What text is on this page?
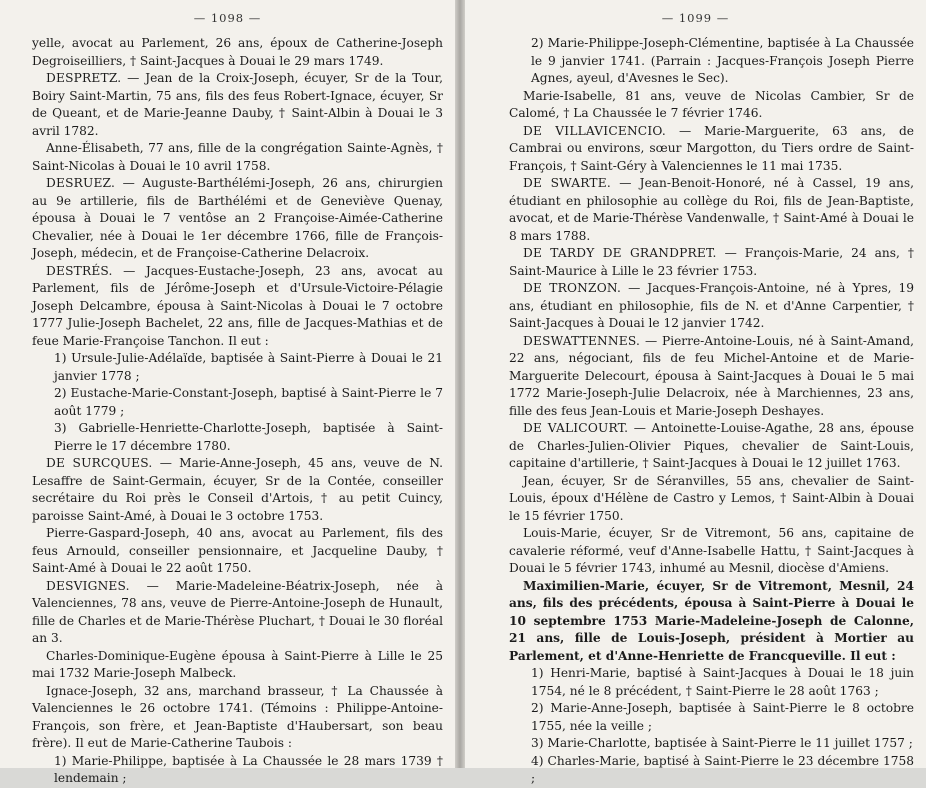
— 1098 —

yelle, avocat au Parlement, 26 ans, époux de Catherine-Joseph Degroiseilliers, † Saint-Jacques à Douai le 29 mars 1749.

DESPRETZ. — Jean de la Croix-Joseph, écuyer, Sr de la Tour, Boiry Saint-Martin, 75 ans, fils des feus Robert-Ignace, écuyer, Sr de Queant, et de Marie-Jeanne Dauby, † Saint-Albin à Douai le 3 avril 1782.

Anne-Élisabeth, 77 ans, fille de la congrégation Sainte-Agnès, † Saint-Nicolas à Douai le 10 avril 1758.

DESRUEZ. — Auguste-Barthélémi-Joseph, 26 ans, chirurgien au 9e artillerie, fils de Barthélémi et de Geneviève Quenay, épousa à Douai le 7 ventôse an 2 Françoise-Aimée-Catherine Chevalier, née à Douai le 1er décembre 1766, fille de François-Joseph, médecin, et de Françoise-Catherine Delacroix.

DESTRÉS. — Jacques-Eustache-Joseph, 23 ans, avocat au Parlement, fils de Jérôme-Joseph et d'Ursule-Victoire-Pélagie Joseph Delcambre, épousa à Saint-Nicolas à Douai le 7 octobre 1777 Julie-Joseph Bachelet, 22 ans, fille de Jacques-Mathias et de feue Marie-Françoise Tanchon. Il eut :

1) Ursule-Julie-Adélaïde, baptisée à Saint-Pierre à Douai le 21 janvier 1778 ;

2) Eustache-Marie-Constant-Joseph, baptisé à Saint-Pierre le 7 août 1779 ;

3) Gabrielle-Henriette-Charlotte-Joseph, baptisée à Saint-Pierre le 17 décembre 1780.

DE SURCQUES. — Marie-Anne-Joseph, 45 ans, veuve de N. Lesaffre de Saint-Germain, écuyer, Sr de la Contée, conseiller secrétaire du Roi près le Conseil d'Artois, † au petit Cuincy, paroisse Saint-Amé, à Douai le 3 octobre 1753.

Pierre-Gaspard-Joseph, 40 ans, avocat au Parlement, fils des feus Arnould, conseiller pensionnaire, et Jacqueline Dauby, † Saint-Amé à Douai le 22 août 1750.

DESVIGNES. — Marie-Madeleine-Béatrix-Joseph, née à Valenciennes, 78 ans, veuve de Pierre-Antoine-Joseph de Hunault, fille de Charles et de Marie-Thérèse Pluchart, † Douai le 30 floréal an 3.

Charles-Dominique-Eugène épousa à Saint-Pierre à Lille le 25 mai 1732 Marie-Joseph Malbeck.

Ignace-Joseph, 32 ans, marchand brasseur, † La Chaussée à Valenciennes le 26 octobre 1741. (Témoins : Philippe-Antoine-François, son frère, et Jean-Baptiste d'Haubersart, son beau frère). Il eut de Marie-Catherine Taubois :

1) Marie-Philippe, baptisée à La Chaussée le 28 mars 1739 † lendemain ;

— 1099 —

2) Marie-Philippe-Joseph-Clémentine, baptisée à La Chaussée le 9 janvier 1741. (Parrain : Jacques-François Joseph Pierre Agnes, ayeul, d'Avesnes le Sec).

Marie-Isabelle, 81 ans, veuve de Nicolas Cambier, Sr de Calomé, † La Chaussée le 7 février 1746.

DE VILLAVICENCIO. — Marie-Marguerite, 63 ans, de Cambrai ou environs, sœur Margotton, du Tiers ordre de Saint-François, † Saint-Géry à Valenciennes le 11 mai 1735.

DE SWARTE. — Jean-Benoit-Honoré, né à Cassel, 19 ans, étudiant en philosophie au collège du Roi, fils de Jean-Baptiste, avocat, et de Marie-Thérèse Vandenwalle, † Saint-Amé à Douai le 8 mars 1788.

DE TARDY DE GRANDPRET. — François-Marie, 24 ans, † Saint-Maurice à Lille le 23 février 1753.

DE TRONZON. — Jacques-François-Antoine, né à Ypres, 19 ans, étudiant en philosophie, fils de N. et d'Anne Carpentier, † Saint-Jacques à Douai le 12 janvier 1742.

DESWATTENNES. — Pierre-Antoine-Louis, né à Saint-Amand, 22 ans, négociant, fils de feu Michel-Antoine et de Marie-Marguerite Delecourt, épousa à Saint-Jacques à Douai le 5 mai 1772 Marie-Joseph-Julie Delacroix, née à Marchiennes, 23 ans, fille des feus Jean-Louis et Marie-Joseph Deshayes.

DE VALICOURT. — Antoinette-Louise-Agathe, 28 ans, épouse de Charles-Julien-Olivier Piques, chevalier de Saint-Louis, capitaine d'artillerie, † Saint-Jacques à Douai le 12 juillet 1763.

Jean, écuyer, Sr de Séranvilles, 55 ans, chevalier de Saint-Louis, époux d'Hélène de Castro y Lemos, † Saint-Albin à Douai le 15 février 1750.

Louis-Marie, écuyer, Sr de Vitremont, 56 ans, capitaine de cavalerie réformé, veuf d'Anne-Isabelle Hattu, † Saint-Jacques à Douai le 5 février 1743, inhumé au Mesnil, diocèse d'Amiens.

Maximilien-Marie, écuyer, Sr de Vitremont, Mesnil, 24 ans, fils des précédents, épousa à Saint-Pierre à Douai le 10 septembre 1753 Marie-Madeleine-Joseph de Calonne, 21 ans, fille de Louis-Joseph, président à Mortier au Parlement, et d'Anne-Henriette de Francqueville. Il eut :

1) Henri-Marie, baptisé à Saint-Jacques à Douai le 18 juin 1754, né le 8 précédent, † Saint-Pierre le 28 août 1763 ;

2) Marie-Anne-Joseph, baptisée à Saint-Pierre le 8 octobre 1755, née la veille ;

3) Marie-Charlotte, baptisée à Saint-Pierre le 11 juillet 1757 ;

4) Charles-Marie, baptisé à Saint-Pierre le 23 décembre 1758 ;
